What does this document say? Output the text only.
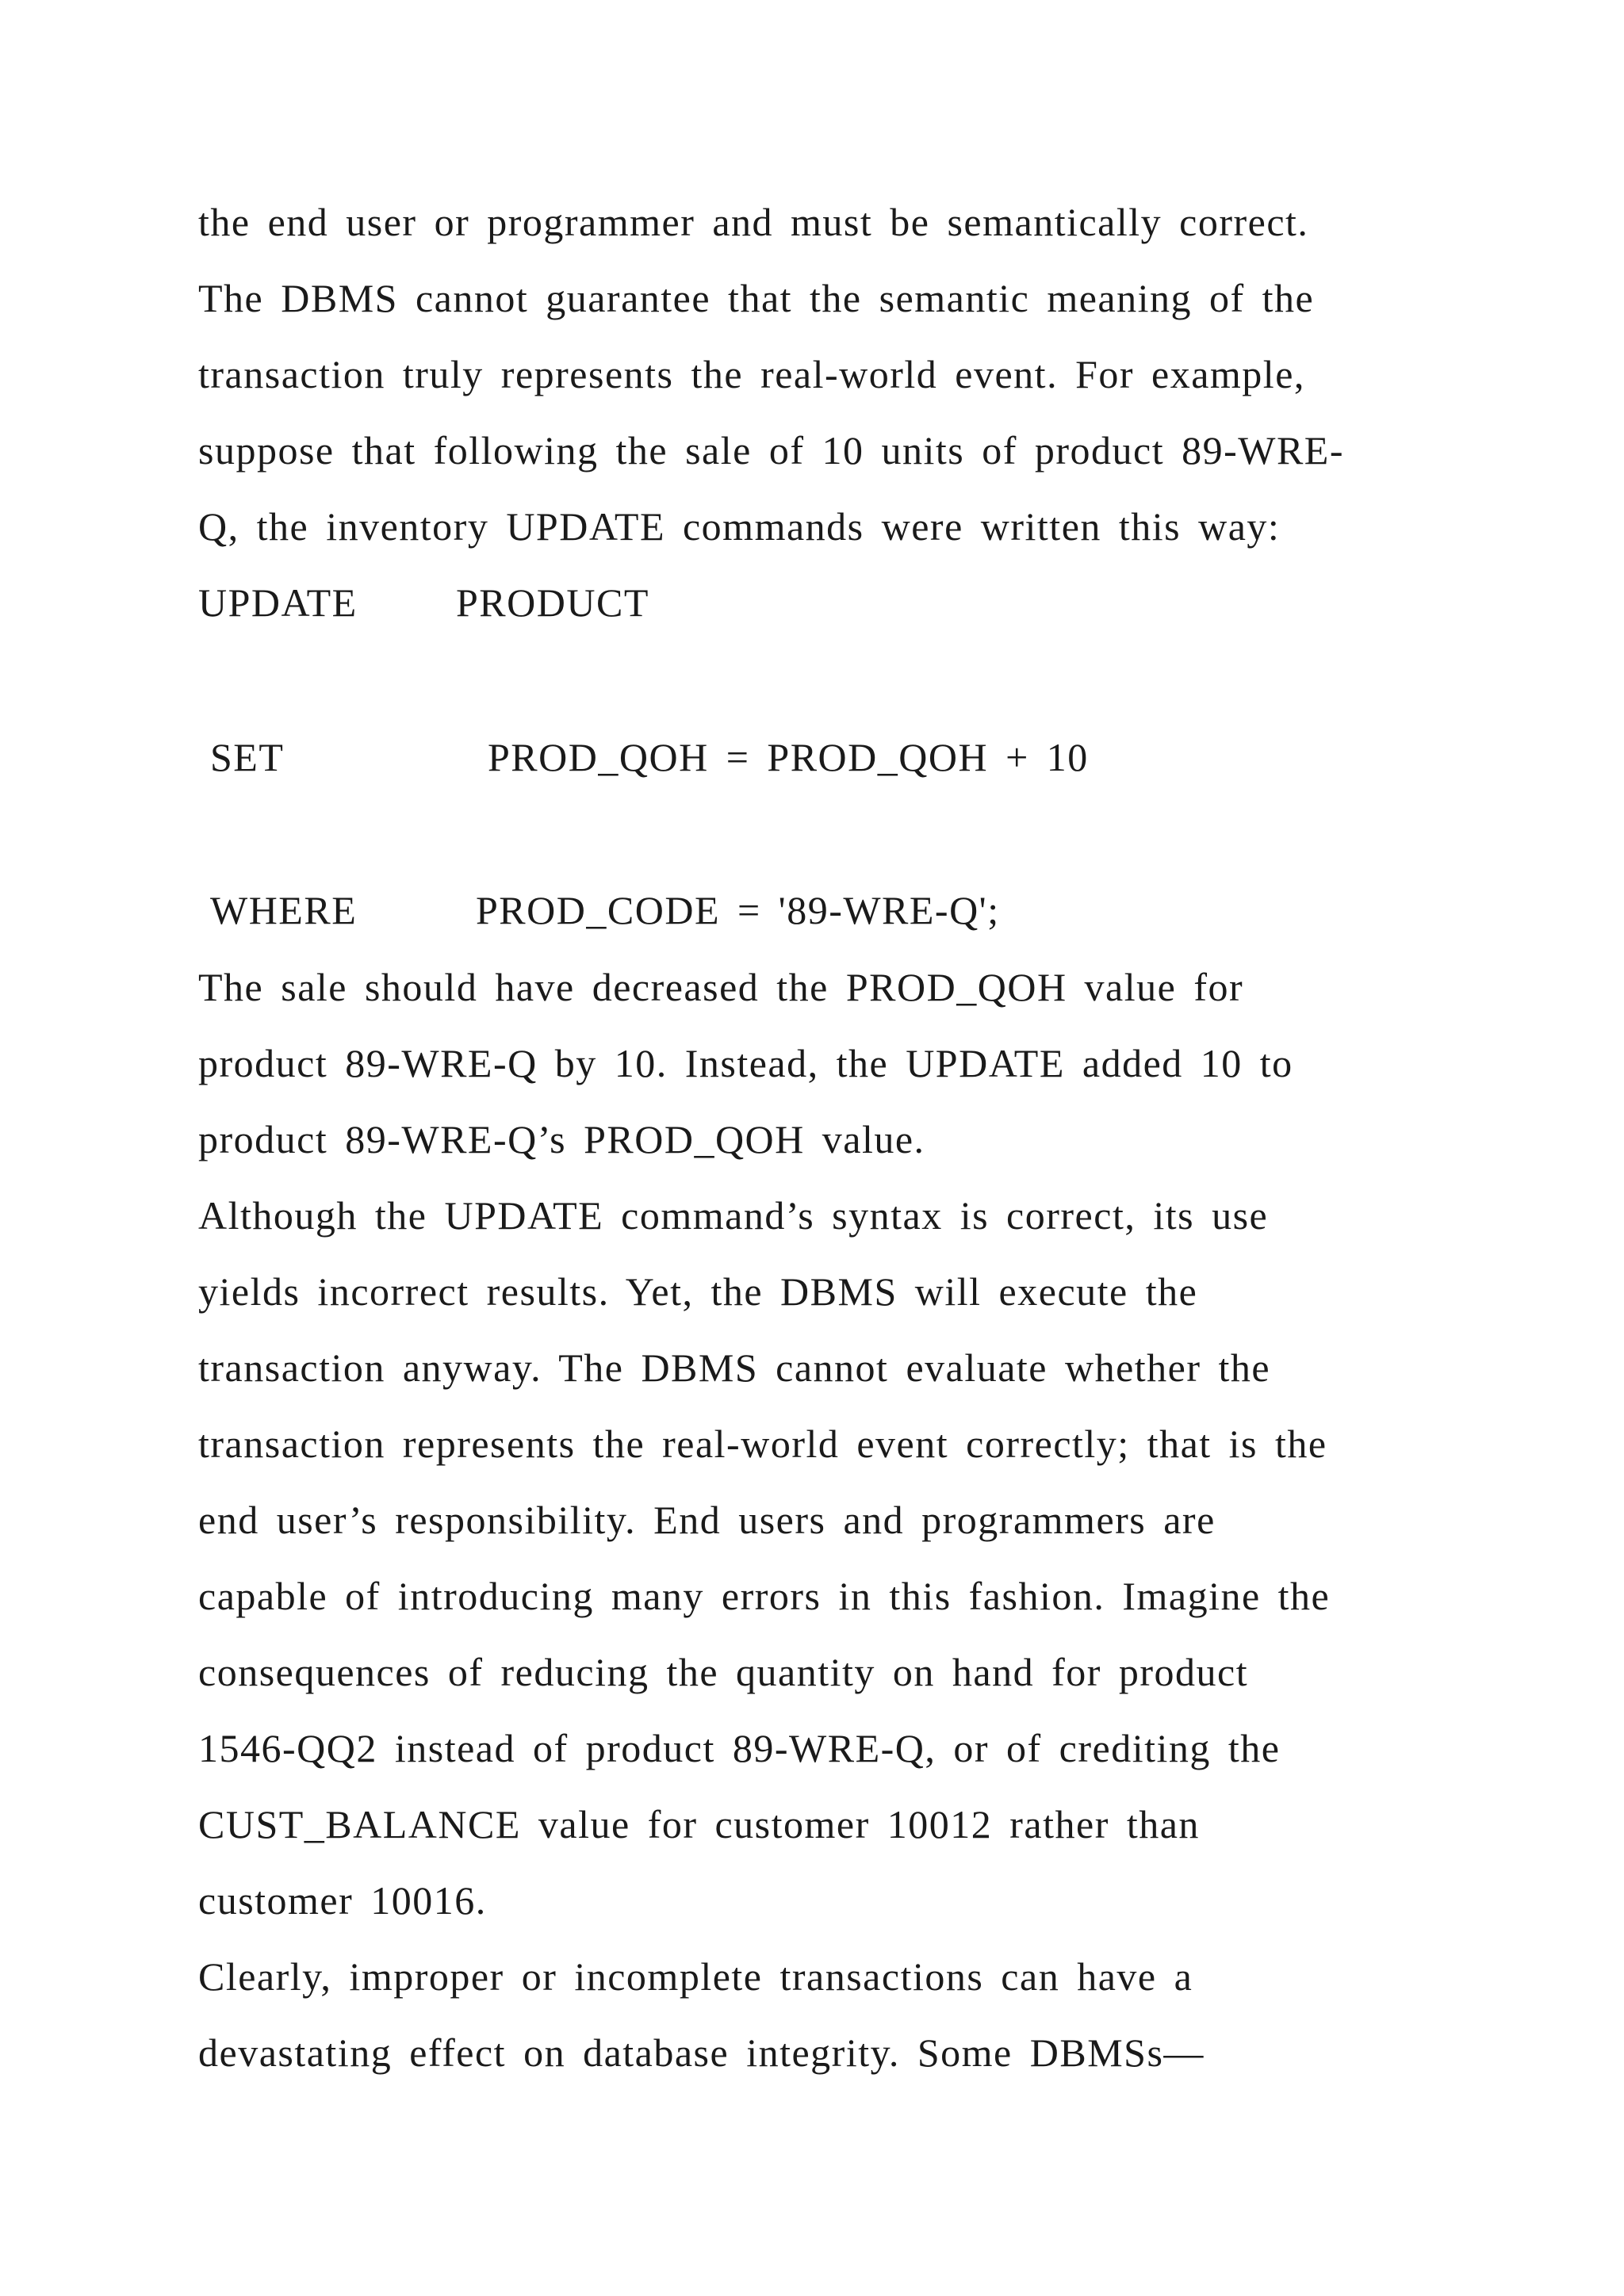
the end user or programmer and must be semantically correct.
The DBMS cannot guarantee that the semantic meaning of the
transaction truly represents the real-world event. For example,
suppose that following the sale of 10 units of product 89-WRE-
Q, the inventory UPDATE commands were written this way:
UPDATE PRODUCT
SET	PROD_QOH = PROD_QOH + 10
WHERE	PROD_CODE = '89-WRE-Q';
The sale should have decreased the PROD_QOH value for
product 89-WRE-Q by 10. Instead, the UPDATE added 10 to
product 89-WRE-Q’s PROD_QOH value.
Although the UPDATE command’s syntax is correct, its use
yields incorrect results. Yet, the DBMS will execute the
transaction anyway. The DBMS cannot evaluate whether the
transaction represents the real-world event correctly; that is the
end user’s responsibility. End users and programmers are
capable of introducing many errors in this fashion. Imagine the
consequences of reducing the quantity on hand for product
1546-QQ2 instead of product 89-WRE-Q, or of crediting the
CUST_BALANCE value for customer 10012 rather than
customer 10016.
Clearly, improper or incomplete transactions can have a
devastating effect on database integrity. Some DBMSs—
